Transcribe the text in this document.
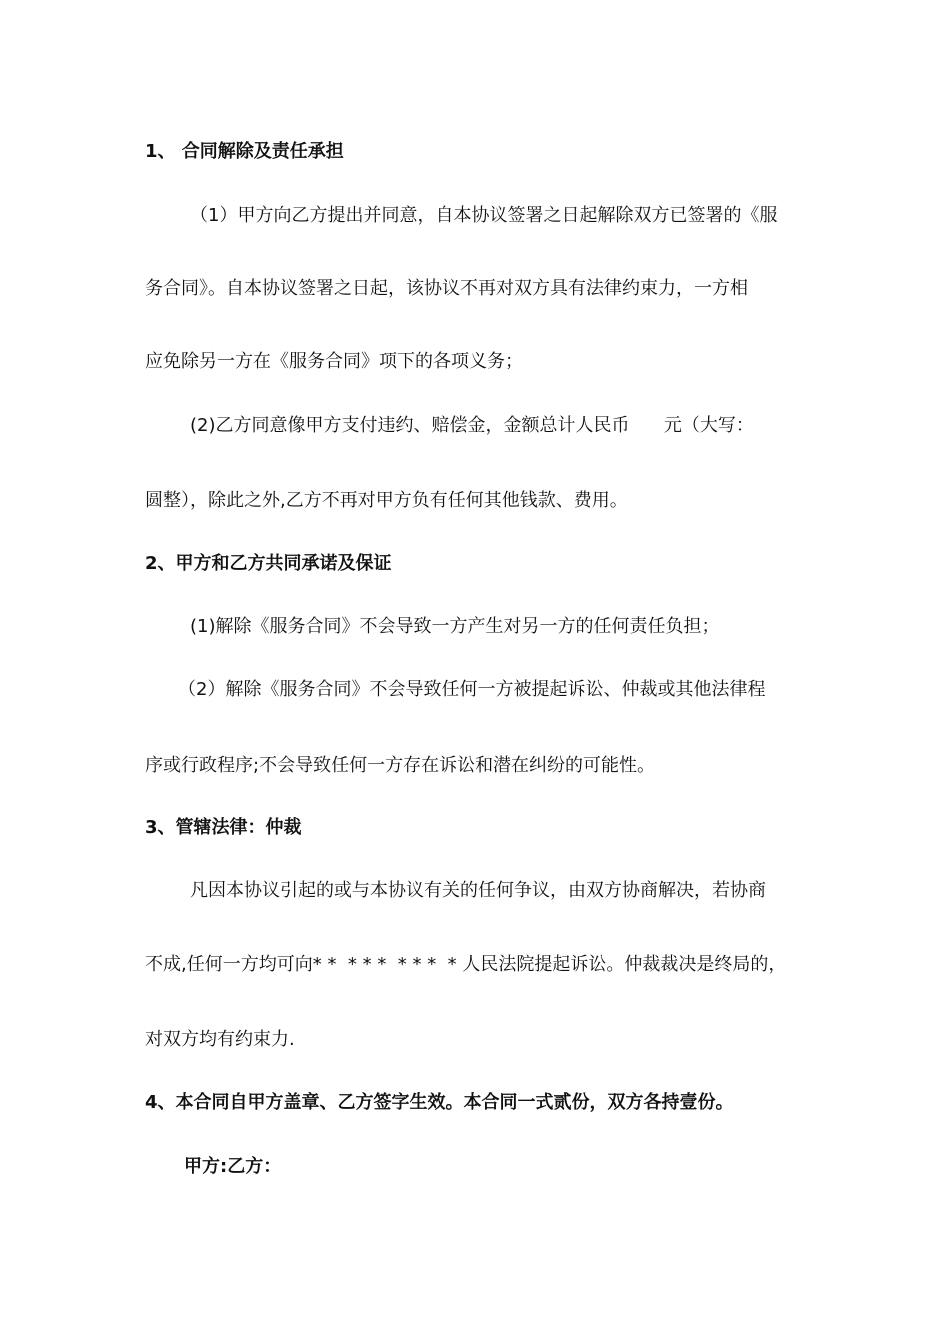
1、 合同解除及责任承担
（1）甲方向乙方提出并同意，自本协议签署之日起解除双方已签署的《服
务合同》。自本协议签署之日起，该协议不再对双方具有法律约束力，一方相
应免除另一方在《服务合同》项下的各项义务；
(2)乙方同意像甲方支付违约、赔偿金，金额总计人民币      元（大写：
圆整），除此之外,乙方不再对甲方负有任何其他钱款、费用。
2、甲方和乙方共同承诺及保证
(1)解除《服务合同》不会导致一方产生对另一方的任何责任负担；
（2）解除《服务合同》不会导致任何一方被提起诉讼、仲裁或其他法律程
序或行政程序;不会导致任何一方存在诉讼和潜在纠纷的可能性。
3、管辖法律：仲裁
凡因本协议引起的或与本协议有关的任何争议，由双方协商解决，若协商
不成,任何一方均可向* *  * * *  * * *  * 人民法院提起诉讼。仲裁裁决是终局的，
对双方均有约束力.
4、本合同自甲方盖章、乙方签字生效。本合同一式贰份，双方各持壹份。
甲方:乙方：
